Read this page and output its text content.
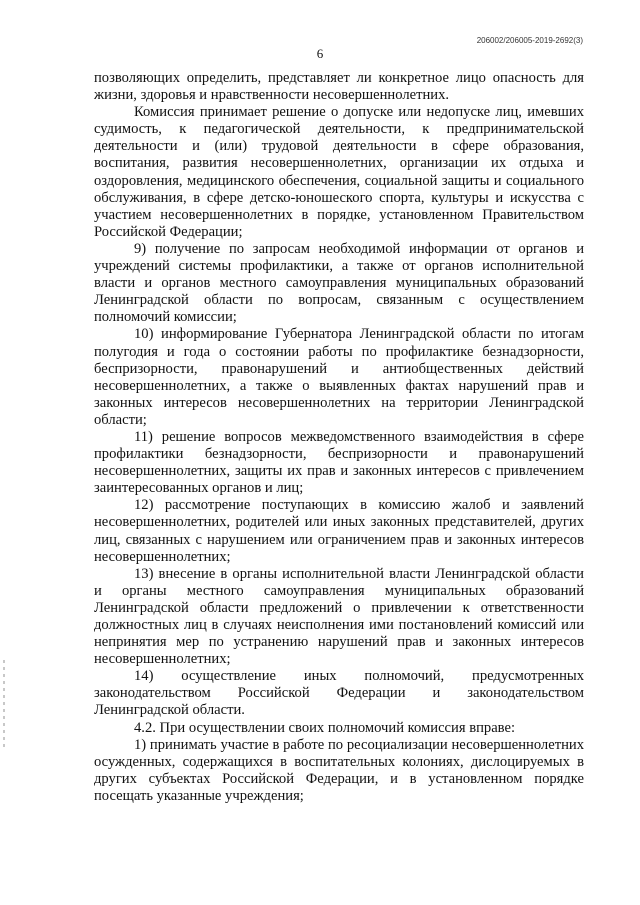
206002/206005-2019-2692(3)
6

позволяющих определить, представляет ли конкретное лицо опасность для жизни, здоровья и нравственности несовершеннолетних.

Комиссия принимает решение о допуске или недопуске лиц, имевших судимость, к педагогической деятельности, к предпринимательской деятельности и (или) трудовой деятельности в сфере образования, воспитания, развития несовершеннолетних, организации их отдыха и оздоровления, медицинского обеспечения, социальной защиты и социального обслуживания, в сфере детско-юношеского спорта, культуры и искусства с участием несовершеннолетних в порядке, установленном Правительством Российской Федерации;

9) получение по запросам необходимой информации от органов и учреждений системы профилактики, а также от органов исполнительной власти и органов местного самоуправления муниципальных образований Ленинградской области по вопросам, связанным с осуществлением полномочий комиссии;

10) информирование Губернатора Ленинградской области по итогам полугодия и года о состоянии работы по профилактике безнадзорности, беспризорности, правонарушений и антиобщественных действий несовершеннолетних, а также о выявленных фактах нарушений прав и законных интересов несовершеннолетних на территории Ленинградской области;

11) решение вопросов межведомственного взаимодействия в сфере профилактики безнадзорности, беспризорности и правонарушений несовершеннолетних, защиты их прав и законных интересов с привлечением заинтересованных органов и лиц;

12) рассмотрение поступающих в комиссию жалоб и заявлений несовершеннолетних, родителей или иных законных представителей, других лиц, связанных с нарушением или ограничением прав и законных интересов несовершеннолетних;

13) внесение в органы исполнительной власти Ленинградской области и органы местного самоуправления муниципальных образований Ленинградской области предложений о привлечении к ответственности должностных лиц в случаях неисполнения ими постановлений комиссий или непринятия мер по устранению нарушений прав и законных интересов несовершеннолетних;

14) осуществление иных полномочий, предусмотренных законодательством Российской Федерации и законодательством Ленинградской области.

4.2. При осуществлении своих полномочий комиссия вправе:

1) принимать участие в работе по ресоциализации несовершеннолетних осужденных, содержащихся в воспитательных колониях, дислоцируемых в других субъектах Российской Федерации, и в установленном порядке посещать указанные учреждения;
